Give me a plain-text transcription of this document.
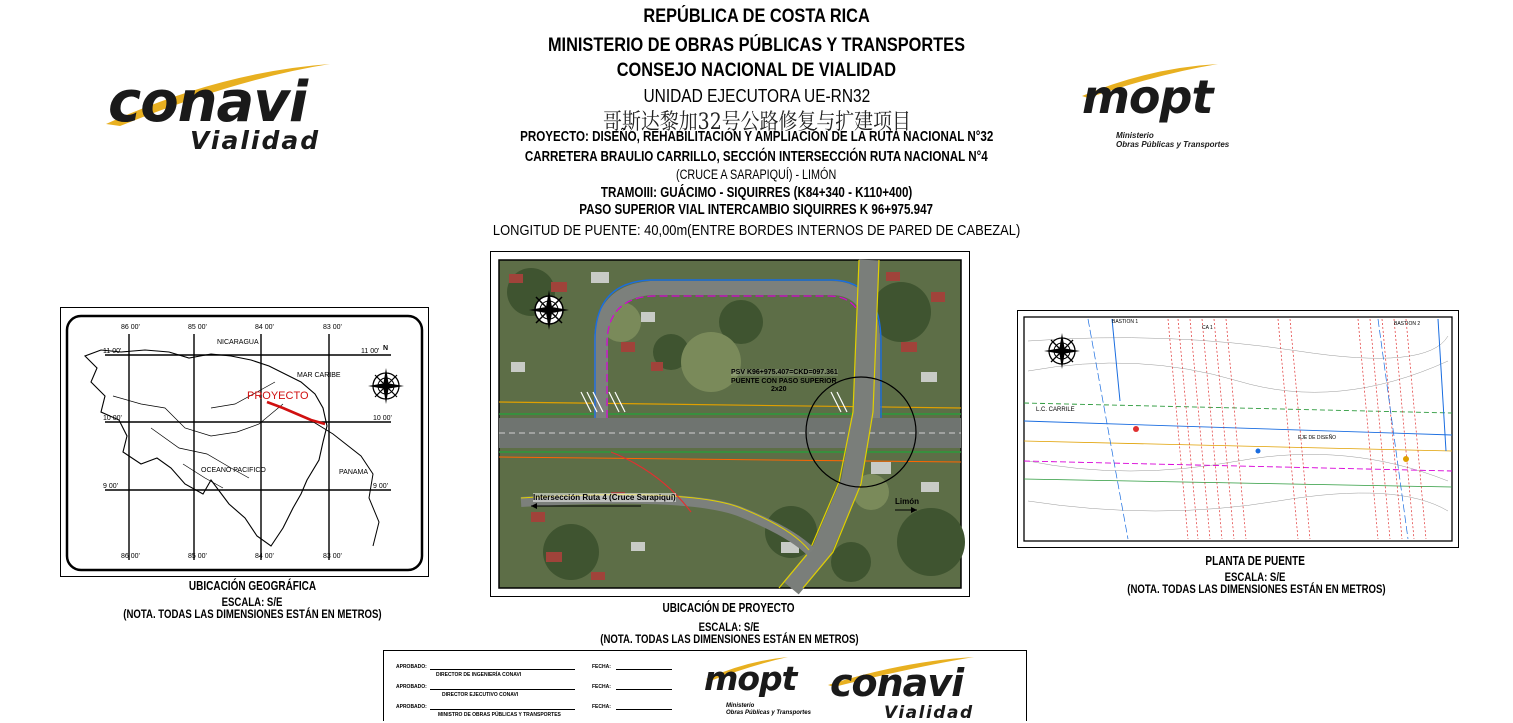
REPÚBLICA DE COSTA RICA
MINISTERIO DE OBRAS PÚBLICAS Y TRANSPORTES
CONSEJO NACIONAL DE VIALIDAD
UNIDAD EJECUTORA UE-RN32
哥斯达黎加32号公路修复与扩建项目
PROYECTO: DISEÑO, REHABILITACIÓN Y AMPLIACIÓN DE LA RUTA NACIONAL N°32
CARRETERA BRAULIO CARRILLO, SECCIÓN INTERSECCIÓN RUTA NACIONAL N°4
(CRUCE A SARAPIQUÍ) - LIMÓN
TRAMOIII: GUÁCIMO - SIQUIRRES (K84+340 - K110+400)
PASO SUPERIOR VIAL INTERCAMBIO SIQUIRRES K 96+975.947
LONGITUD DE PUENTE: 40,00m(ENTRE BORDES INTERNOS DE PARED DE CABEZAL)
conavi
Vialidad
mopt
Ministerio
Obras Públicas y Transportes
86 00'	85 00'	84 00'	83 00'
86 00'	85 00'	84 00'	83 00'
11 00'
10 00'
9 00'
11 00'
10 00'
9 00'
NICARAGUA
MAR CARIBE
PROYECTO
OCEANO PACIFICO	PANAMA
N
UBICACIÓN GEOGRÁFICA
ESCALA: S/E
(NOTA. TODAS LAS DIMENSIONES ESTÁN EN METROS)
PSV K96+975.407=CKD=097.361
PUENTE CON PASO SUPERIOR
2x20
Intersección Ruta 4 (Cruce Sarapiquí)	Limón
UBICACIÓN DE PROYECTO
ESCALA: S/E
(NOTA. TODAS LAS DIMENSIONES ESTÁN EN METROS)
BASTION 1	BASTION 2
CA 1
L.C. CARRILE
EJE DE DISEÑO
PLANTA DE PUENTE
ESCALA: S/E
(NOTA. TODAS LAS DIMENSIONES ESTÁN EN METROS)
APROBADO:
DIRECTOR DE INGENIERÍA CONAVI
FECHA:
APROBADO:
DIRECTOR EJECUTIVO CONAVI
FECHA:
APROBADO:
MINISTRO DE OBRAS PÚBLICAS Y TRANSPORTES
FECHA:
mopt
Ministerio
Obras Públicas y Transportes
conavi
Vialidad
